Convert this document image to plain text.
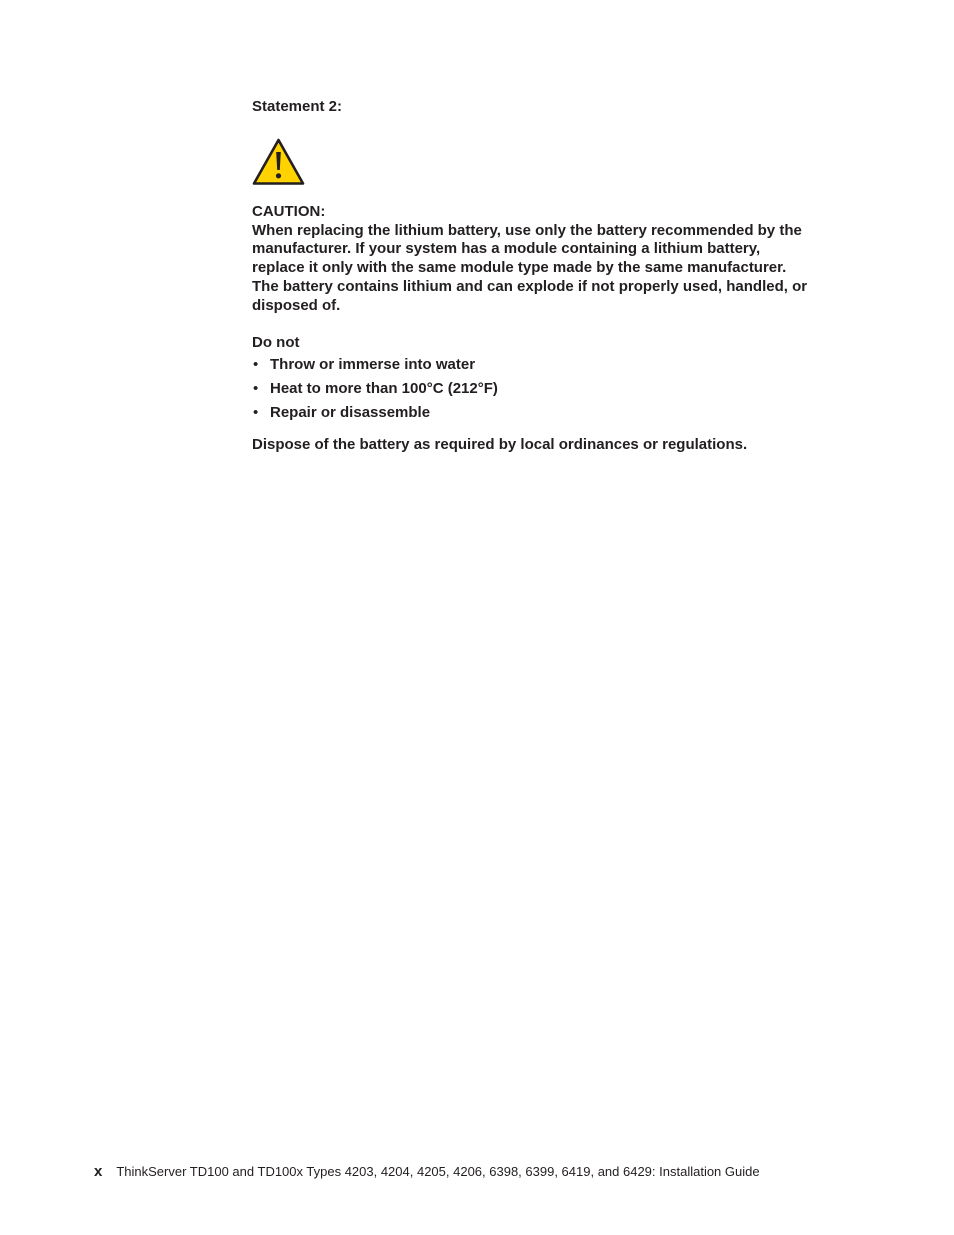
Statement 2:
CAUTION:
When replacing the lithium battery, use only the battery recommended by the
manufacturer. If your system has a module containing a lithium battery,
replace it only with the same module type made by the same manufacturer.
The battery contains lithium and can explode if not properly used, handled, or
disposed of.
Do not
• Throw or immerse into water
• Heat to more than 100°C (212°F)
• Repair or disassemble
Dispose of the battery as required by local ordinances or regulations.
x ThinkServer TD100 and TD100x Types 4203, 4204, 4205, 4206, 6398, 6399, 6419, and 6429: Installation Guide
